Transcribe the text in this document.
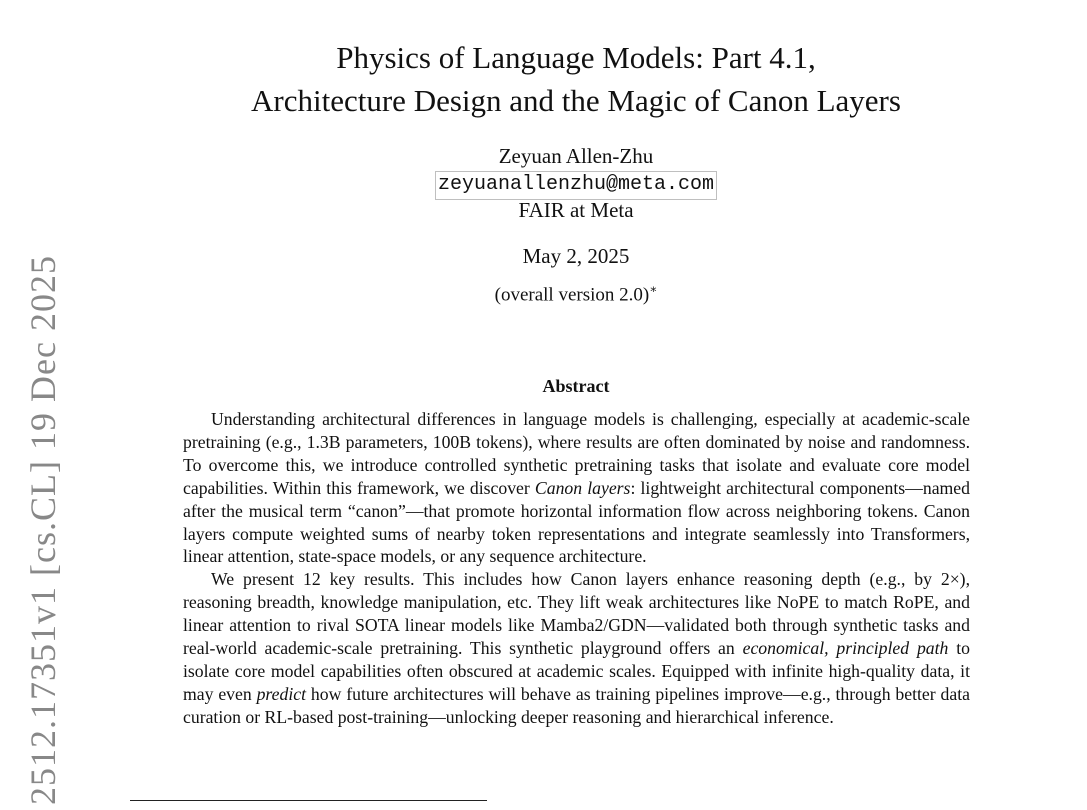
2512.17351v1 [cs.CL] 19 Dec 2025
Physics of Language Models: Part 4.1,
Architecture Design and the Magic of Canon Layers
Zeyuan Allen-Zhu
zeyuanallenzhu@meta.com
FAIR at Meta
May 2, 2025
(overall version 2.0)∗
Abstract

Understanding architectural differences in language models is challenging, especially at academic-scale pretraining (e.g., 1.3B parameters, 100B tokens), where results are often dominated by noise and randomness. To overcome this, we introduce controlled synthetic pretraining tasks that isolate and evaluate core model capabilities. Within this framework, we discover Canon layers: lightweight architectural components—named after the musical term “canon”—that promote horizontal information flow across neighboring tokens. Canon layers compute weighted sums of nearby token representations and integrate seamlessly into Transformers, linear attention, state-space models, or any sequence architecture.

We present 12 key results. This includes how Canon layers enhance reasoning depth (e.g., by 2×), reasoning breadth, knowledge manipulation, etc. They lift weak architectures like NoPE to match RoPE, and linear attention to rival SOTA linear models like Mamba2/GDN—validated both through synthetic tasks and real-world academic-scale pretraining. This synthetic playground offers an economical, principled path to isolate core model capabilities often obscured at academic scales. Equipped with infinite high-quality data, it may even predict how future architectures will behave as training pipelines improve—e.g., through better data curation or RL-based post-training—unlocking deeper reasoning and hierarchical inference.
